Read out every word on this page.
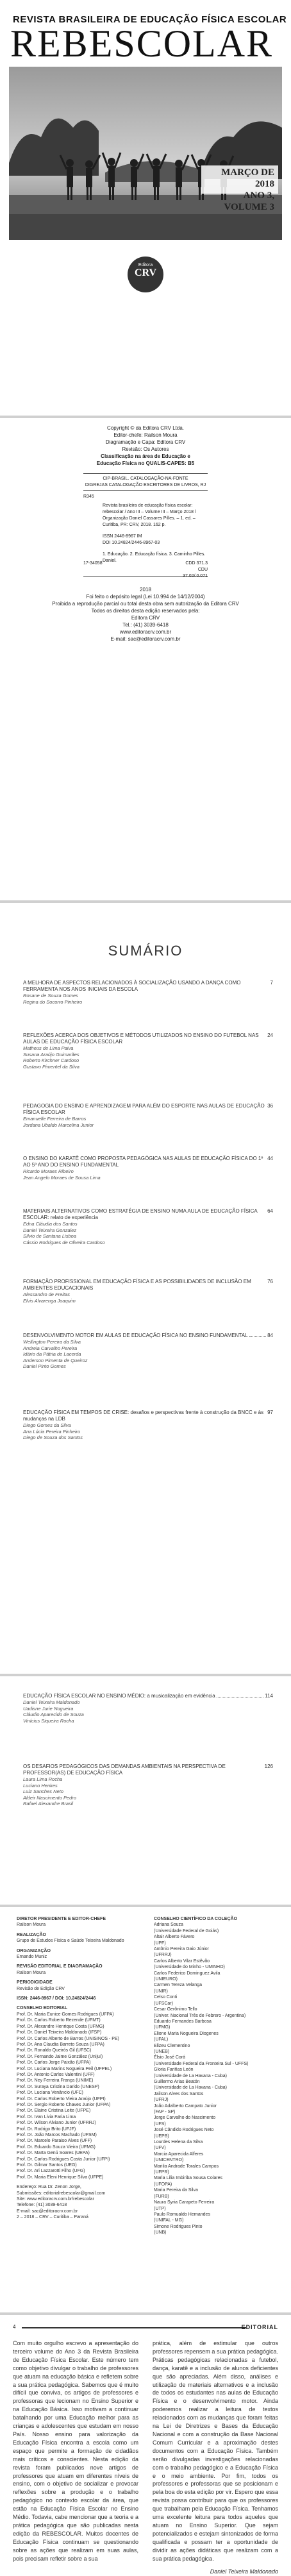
REVISTA BRASILEIRA DE EDUCAÇÃO FÍSICA ESCOLAR
REBESCOLAR
MARÇO DE 2018
ANO 3, VOLUME 3
Editora
CRV
Copyright © da Editora CRV Ltda.
Editor-chefe: Railson Moura
Diagramação e Capa: Editora CRV
Revisão: Os Autores
Classificação na área de Educação e
Educação Física no QUALIS-CAPES: B5
CIP-BRASIL. CATALOGAÇÃO-NA-FONTE
DIGREJAS CATALOGAÇÃO ESCRITORES DE LIVROS, RJ
R345
Revista brasileira de educação física escolar: rebescolar / Ano III – Volume III – Março 2018 / Organização Daniel Cassares Pilles. – 1. ed. – Curitiba, PR: CRV, 2018. 162 p.
ISSN 2446-8967 IM
DOI 10.24824/2446-8967-03
1. Educação. 2. Educação física. 3. Caminho Pilles. Daniel.
17-34058	CDD 371.3
CDU
2018
Foi feito o depósito legal (Lei 10.994 de 14/12/2004)
Proibida a reprodução parcial ou total desta obra sem autorização da Editora CRV
Todos os direitos desta edição reservados pela:
Editora CRV
Tel.: (41) 3039-6418
www.editoracrv.com.br
E-mail: sac@editoracrv.com.br
SUMÁRIO
A MELHORA DE ASPECTOS RELACIONADOS À SOCIALIZAÇÃO USANDO A DANÇA COMO FERRAMENTA NOS ANOS INICIAIS DA ESCOLA
7
Rosane de Souza Gomes
Regina do Socorro Pinheiro
REFLEXÕES ACERCA DOS OBJETIVOS E MÉTODOS UTILIZADOS NO ENSINO DO FUTEBOL NAS AULAS DE EDUCAÇÃO FÍSICA ESCOLAR
24
Matheus de Lima Paiva
Susana Araújo Guimarães
Roberto Kirchner Cardoso
Gustavo Pimentel da Silva
PEDAGOGIA DO ENSINO E APRENDIZAGEM PARA ALÉM DO ESPORTE NAS AULAS DE EDUCAÇÃO FÍSICA ESCOLAR
36
Emanuelle Ferreira de Barros
Jordana Ubaldo Marcelina Junior
O ENSINO DO KARATÊ COMO PROPOSTA PEDAGÓGICA NAS AULAS DE EDUCAÇÃO FÍSICA DO 1º AO 5º ANO DO ENSINO FUNDAMENTAL
44
Ricardo Moraes Ribeiro
Jean Angelo Moraes de Sousa Lima
MATERIAIS ALTERNATIVOS COMO ESTRATÉGIA DE ENSINO NUMA AULA DE EDUCAÇÃO FÍSICA ESCOLAR: relato de experiência
64
Edna Cláudia dos Santos
Daniel Teixeira Gonzalez
Sílvio de Santana Lisboa
Cássio Rodrigues de Oliveira Cardoso
FORMAÇÃO PROFISSIONAL EM EDUCAÇÃO FÍSICA E AS POSSIBILIDADES DE INCLUSÃO EM AMBIENTES EDUCACIONAIS
76
Alessandro de Freitas
Elvis Alvarenga Joaquim
DESENVOLVIMENTO MOTOR EM AULAS DE EDUCAÇÃO FÍSICA NO ENSINO FUNDAMENTAL	84
Wellington Pereira da Silva
Andreia Carvalho Pereira
Idário da Pátria de Lacerda
Anderson Pimenta de Queiroz
Daniel Pinto Gomes
EDUCAÇÃO FÍSICA EM TEMPOS DE CRISE: desafios e perspectivas frente à construção da BNCC e às mudanças na LDB
97
Diego Gomes da Silva
Ana Lúcia Pereira Pinheiro
Diego de Souza dos Santos
EDUCAÇÃO FÍSICA ESCOLAR NO ENSINO MÉDIO: a musicalização em evidência	114
Daniel Teixeira Maldonado
Uadisne Jurie Nogueira
Cláudio Aparecido de Souza
Vinícius Siqueira Rocha
OS DESAFIOS PEDAGÓGICOS DAS DEMANDAS AMBIENTAIS NA PERSPECTIVA DE PROFESSOR(AS) DE EDUCAÇÃO FÍSICA
126
Laura Lima Rocha
Luciano Henkes
Luiz Sanches Neto
Aldeir Nascimento Pedro
Rafael Alexandre Brasil
DIRETOR PRESIDENTE E EDITOR-CHEFE
Railson Moura
REALIZAÇÃO
Grupo de Estudos Física e Saúde Teixeira Maldonado
ORGANIZAÇÃO
Ernando Muniz
REVISÃO EDITORIAL E DIAGRAMAÇÃO
Railson Moura
PERIODICIDADE
Revisão de Edição CRV
ISSN: 2446-8967 / DOI: 10.24824/2446
CONSELHO EDITORIAL
Prof. Dr. Maria Eunice Gomes Rodrigues (UFPA)
Prof. Dr. Carlos Roberto Rezende (UFMT)
Prof. Dr. Alexandre Henrique Costa (UFMG)
Prof. Dr. Daniel Teixeira Maldonado (IFSP)
Prof. Dr. Carlos Alberto de Barros (UNISINOS - PE)
Prof. Dr. Ana Claudia Barreto Souza (UFPA)
Prof. Dr. Ronaldo Queirós Gil (UFSC)
Prof. Dr. Fernando Jaime González (Unijuí)
Prof. Dr. Carlos Jorge Paixão (UFPA)
Prof. Dr. Luciana Marins Nogueira Peil (UFPEL)
Prof. Dr. Antonio Carlos Valentini (UFF)
Prof. Dr. Ney Ferreira França (UNIME)
Prof. Dr. Suraya Cristina Darido (UNESP)
Prof. Dr. Luciana Venâncio (UFC)
Prof. Dr. Carlos Roberto Vieira Araújo (UFPI)
Prof. Dr. Sergio Roberto Chaves Junior (UFPA)
Prof. Dr. Elaine Cristina Leite (UFPE)
Prof. Dr. Ivan Livia Faria Lima
Prof. Dr. Wilson Alviano Junior (UFRRJ)
Prof. Dr. Rodrigo Brito (UFJF)
Prof. Dr. João Marcos Machado (UFSM)
Prof. Dr. Marcelo Paraiso Alves (UFF)
Prof. Dr. Eduardo Souza Vieira (UFMG)
Prof. Dr. Marta Genú Soares (UEPA)
Prof. Dr. Carlos Rodrigues Costa Junior (UFPI)
Prof. Dr. Gilmar Santos (UEG)
Prof. Dr. Ari Lazzarotti Filho (UFG)
Prof. Dr. Maria Eleni Henrique Silva (UFPE)
Endereço: Rua Dr. Zenon Jorge,
Submissões: editorialrebescolar@gmail.com
Site: www.editoracrv.com.br/rebescolar
Telefone: (41) 3039-6418
E-mail: sac@editoracrv.com.br
2 – 2018 – CRV – Curitiba – Paraná
CONSELHO CIENTÍFICO DA COLEÇÃO
Adriana Souza
(Universidade Federal de Goiás)
Altair Alberto Fávero
(UPF)
Antônio Pereira Gaio Júnior
(UFRRJ)
Carlos Alberto Vilar Estêvão
(Universidade do Minho - UMINHO)
Carlos Federico Dominguez Avila
(UNIEURO)
Carmen Tereza Velanga
(UNIR)
Celso Conti
(UFSCar)
Cesar Gerônimo Tello
(Univer. Nacional Três de Febrero - Argentina)
Eduardo Fernandes Barbosa
(UFMG)
Elione Maria Nogueira Diogenes
(UFAL)
Elizeu Clementino
(UNEB)
Élsio José Corá
(Universidade Federal da Fronteira Sul - UFFS)
Gloria Fariñas León
(Universidade de La Havana - Cuba)
Guillermo Arias Beatón
(Universidade de La Havana - Cuba)
Jailson Alves dos Santos
(UFRJ)
João Adalberto Campato Junior
(FAP - SP)
Jorge Carvalho do Nascimento
(UFS)
José Cândido Rodrigues Neto
(UEPB)
Lourdes Helena da Silva
(UFV)
Marcia Aparecida Alferes
(UNICENTRO)
Marilia Andrade Torales Campos
(UFPR)
Maria Lília Imbiriba Sousa Colares
(UFOPA)
Maria Pereira da Silva
(FURB)
Naura Syria Carapeto Ferreira
(UTP)
Paulo Romualdo Hernandes
(UNIFAL - MG)
Simone Rodrigues Pinto
(UNB)
4	EDITORIAL
Com muito orgulho escrevo a apresentação do terceiro volume do Ano 3 da Revista Brasileira de Educação Física Escolar. Este número tem como objetivo divulgar o trabalho de professores que atuam na educação básica e refletem sobre a sua prática pedagógica. Sabemos que é muito difícil que conviva, os artigos de professores e professoras que lecionam no Ensino Superior e na Educação Básica. Isso motivam a continuar batalhando por uma Educação melhor para as crianças e adolescentes que estudam em nosso País. Nosso ensino para valorização da Educação Física encontra a escola como um espaço que permite a formação de cidadãos mais críticos e conscientes. Nesta edição da revista foram publicados nove artigos de professores que atuam em diferentes níveis de ensino, com o objetivo de socializar e provocar reflexões sobre a produção e o trabalho pedagógico no contexto escolar da área, que estão na Educação Física Escolar no Ensino Médio. Todavia, cabe mencionar que a teoria e a prática pedagógica que são publicadas nesta edição da REBESCOLAR. Muitos docentes de Educação Física continuam se questionando sobre as ações que realizam em suas aulas, pois precisam refletir sobre a sua
prática, além de estimular que outros professores repensem a sua prática pedagógica. Práticas pedagógicas relacionadas a futebol, dança, karatê e a inclusão de alunos deficientes que são apreciadas. Além disso, análises e utilização de materiais alternativos e a inclusão de todos os estudantes nas aulas de Educação Física e o desenvolvimento motor. Ainda poderemos realizar a leitura de textos relacionados com as mudanças que foram feitas na Lei de Diretrizes e Bases da Educação Nacional e com a construção da Base Nacional Comum Curricular e a aproximação destes documentos com a Educação Física. Também serão divulgadas investigações relacionadas com o trabalho pedagógico e a Educação Física e o meio ambiente. Por fim, todos os professores e professoras que se posicionam e pela boa do esta edição por vir. Espero que essa revista possa contribuir para que os professores que trabalham pela Educação Física. Tenhamos uma excelente leitura para todos aqueles que atuam no Ensino Superior. Que sejam potencializados e estejam sintonizados de forma qualificada e possam ter a oportunidade de dividir as ações didáticas que realizam com a sua prática pedagógica.
Daniel Teixeira Maldonado
